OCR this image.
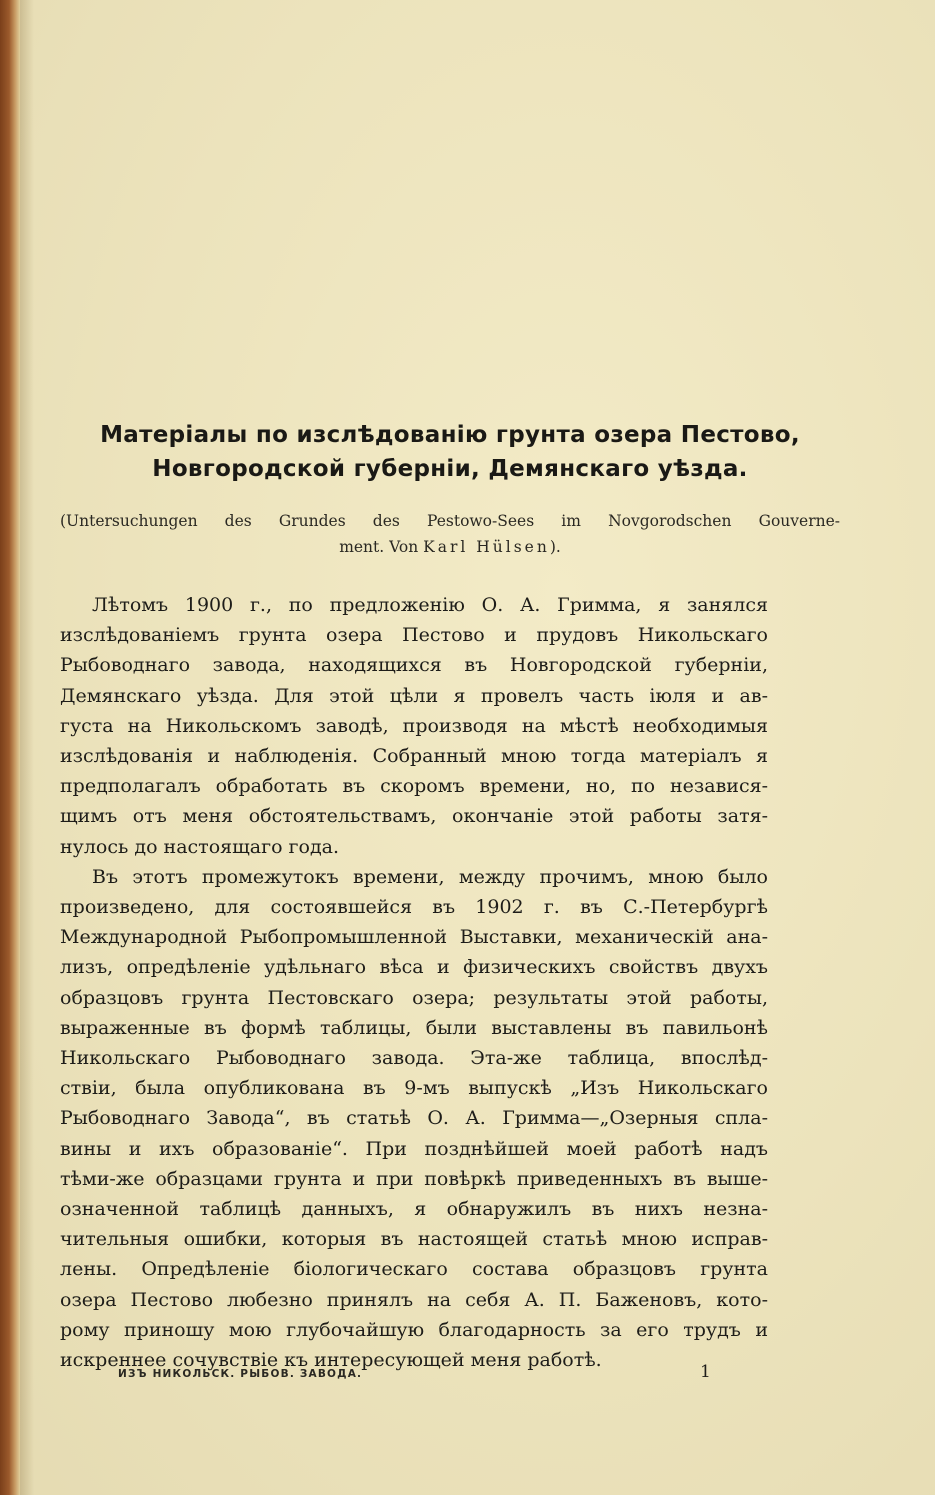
Матеріалы по изслѣдованію грунта озера Пестово,
Новгородской губерніи, Демянскаго уѣзда.
(Untersuchungen des Grundes des Pestowo-Sees im Novgorodschen Gouverne-
ment. Von Karl Hülsen).
Лѣтомъ 1900 г., по предложенію О. А. Гримма, я занялся
изслѣдованіемъ грунта озера Пестово и прудовъ Никольскаго
Рыбоводнаго завода, находящихся въ Новгородской губерніи,
Демянскаго уѣзда. Для этой цѣли я провелъ часть іюля и ав-
густа на Никольскомъ заводѣ, производя на мѣстѣ необходимыя
изслѣдованія и наблюденія. Собранный мною тогда матеріалъ я
предполагалъ обработать въ скоромъ времени, но, по независя-
щимъ отъ меня обстоятельствамъ, окончаніе этой работы затя-
нулось до настоящаго года.
Въ этотъ промежутокъ времени, между прочимъ, мною было
произведено, для состоявшейся въ 1902 г. въ С.-Петербургѣ
Международной Рыбопромышленной Выставки, механическій ана-
лизъ, опредѣленіе удѣльнаго вѣса и физическихъ свойствъ двухъ
образцовъ грунта Пестовскаго озера; результаты этой работы,
выраженные въ формѣ таблицы, были выставлены въ павильонѣ
Никольскаго Рыбоводнаго завода. Эта-же таблица, впослѣд-
ствіи, была опубликована въ 9-мъ выпускѣ „Изъ Никольскаго
Рыбоводнаго Завода“, въ статьѣ О. А. Гримма—„Озерныя спла-
вины и ихъ образованіе“. При позднѣйшей моей работѣ надъ
тѣми-же образцами грунта и при повѣркѣ приведенныхъ въ выше-
означенной таблицѣ данныхъ, я обнаружилъ въ нихъ незна-
чительныя ошибки, которыя въ настоящей статьѣ мною исправ-
лены. Опредѣленіе біологическаго состава образцовъ грунта
озера Пестово любезно принялъ на себя А. П. Баженовъ, кото-
рому приношу мою глубочайшую благодарность за его трудъ и
ИЗЪ НИКОЛЬСК. РЫБОВ. ЗАВОДА.	1
искреннее сочувствіе къ интересующей меня работѣ.
